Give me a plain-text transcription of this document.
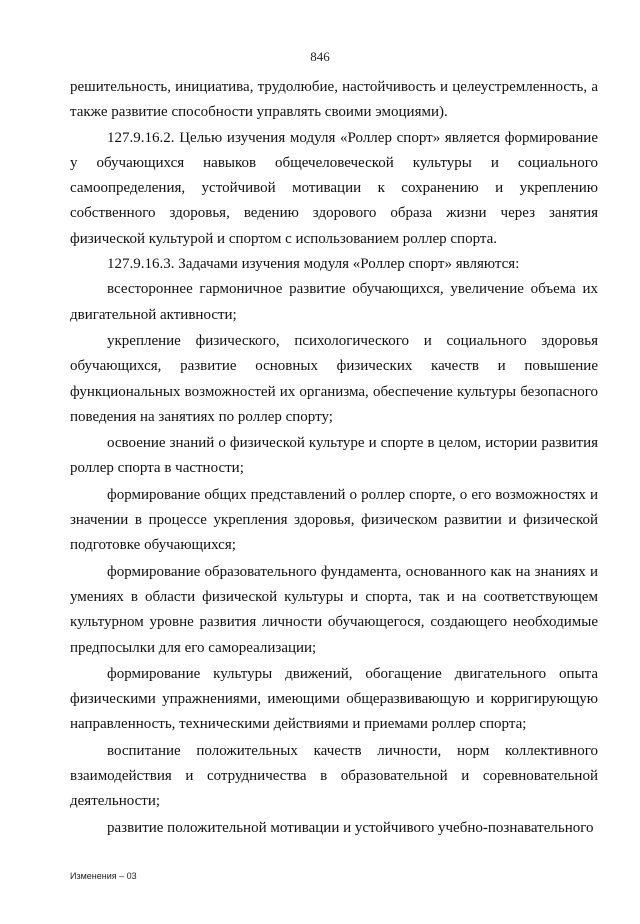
846

решительность, инициатива, трудолюбие, настойчивость и целеустремленность, а также развитие способности управлять своими эмоциями).

127.9.16.2. Целью изучения модуля «Роллер спорт» является формирование у обучающихся навыков общечеловеческой культуры и социального самоопределения, устойчивой мотивации к сохранению и укреплению собственного здоровья, ведению здорового образа жизни через занятия физической культурой и спортом с использованием роллер спорта.

127.9.16.3. Задачами изучения модуля «Роллер спорт» являются:

всестороннее гармоничное развитие обучающихся, увеличение объема их двигательной активности;

укрепление физического, психологического и социального здоровья обучающихся, развитие основных физических качеств и повышение функциональных возможностей их организма, обеспечение культуры безопасного поведения на занятиях по роллер спорту;

освоение знаний о физической культуре и спорте в целом, истории развития роллер спорта в частности;

формирование общих представлений о роллер спорте, о его возможностях и значении в процессе укрепления здоровья, физическом развитии и физической подготовке обучающихся;

формирование образовательного фундамента, основанного как на знаниях и умениях в области физической культуры и спорта, так и на соответствующем культурном уровне развития личности обучающегося, создающего необходимые предпосылки для его самореализации;

формирование культуры движений, обогащение двигательного опыта физическими упражнениями, имеющими общеразвивающую и корригирующую направленность, техническими действиями и приемами роллер спорта;

воспитание положительных качеств личности, норм коллективного взаимодействия и сотрудничества в образовательной и соревновательной деятельности;

развитие положительной мотивации и устойчивого учебно-познавательного

Изменения – 03
